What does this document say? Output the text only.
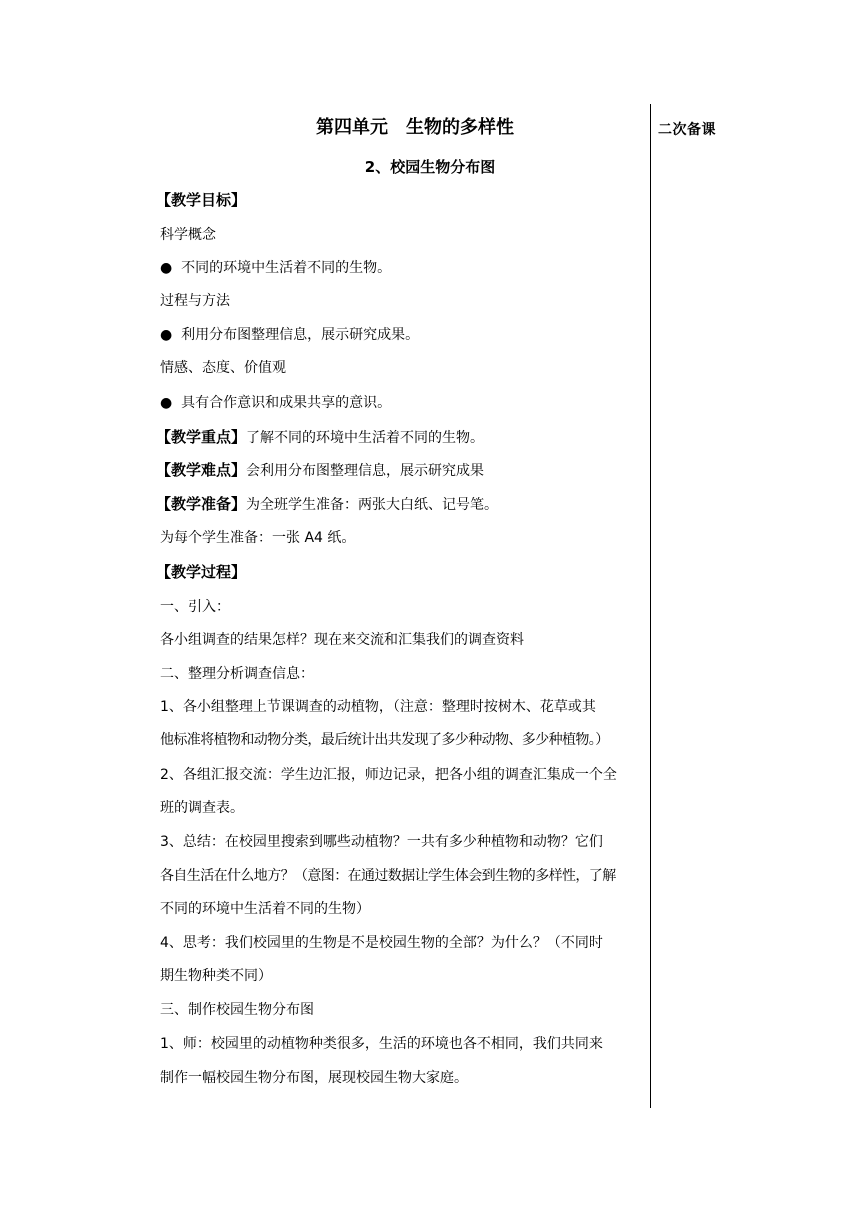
二次备课
第四单元　生物的多样性
2、校园生物分布图
【教学目标】
科学概念
●  不同的环境中生活着不同的生物。
过程与方法
●  利用分布图整理信息，展示研究成果。
情感、态度、价值观
●  具有合作意识和成果共享的意识。
【教学重点】了解不同的环境中生活着不同的生物。
【教学难点】会利用分布图整理信息，展示研究成果
【教学准备】为全班学生准备：两张大白纸、记号笔。
为每个学生准备：一张 A4 纸。
【教学过程】
一、引入：
各小组调查的结果怎样？现在来交流和汇集我们的调查资料
二、整理分析调查信息：
1、各小组整理上节课调查的动植物，（注意：整理时按树木、花草或其
他标准将植物和动物分类，最后统计出共发现了多少种动物、多少种植物。）
2、各组汇报交流：学生边汇报，师边记录，把各小组的调查汇集成一个全
班的调查表。
3、总结：在校园里搜索到哪些动植物？一共有多少种植物和动物？它们
各自生活在什么地方？（意图：在通过数据让学生体会到生物的多样性，了解
不同的环境中生活着不同的生物）
4、思考：我们校园里的生物是不是校园生物的全部？为什么？（不同时
期生物种类不同）
三、制作校园生物分布图
1、师：校园里的动植物种类很多，生活的环境也各不相同，我们共同来
制作一幅校园生物分布图，展现校园生物大家庭。
